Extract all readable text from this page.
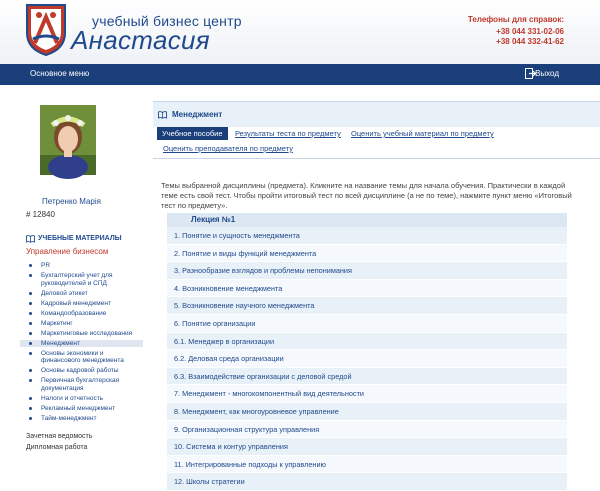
учебный бизнес центр
Анастасия
Телефоны для справок:
+38 044 331-02-06
+38 044 332-41-62
Основное меню	Выход
Петренко Марія
# 12840
УЧЕБНЫЕ МАТЕРИАЛЫ
Управление бизнесом
PR
Бухгалтерский учет для руководителей и СПД
Деловой этикет
Кадровый менеджмент
Командообразование
Маркетинг
Маркетинговые исследования
Менеджмент
Основы экономики и финансового менеджмента
Основы кадровой работы
Первичная бухгалтерская документация
Налоги и отчетность
Рекламный менеджмент
Тайм-менеджмент
Зачетная ведомость
Дипломная работа
Менеджмент
Учебное пособие	Результаты теста по предмету Оценить учебный материал по предмету
Оценить преподавателя по предмету
Темы выбранной дисциплины (предмета). Кликните на название темы для начала обучения. Практически в каждой теме есть свой тест. Чтобы пройти итоговый тест по всей дисциплине (а не по теме), нажмите пункт меню «Итоговый тест по предмету».
Лекция №1
1. Понятие и сущность менеджмента
2. Понятие и виды функций менеджмента
3. Разнообразие взглядов и проблемы непонимания
4. Возникновение менеджмента
5. Возникновение научного менеджмента
6. Понятие организации
6.1. Менеджер в организации
6.2. Деловая среда организации
6.3. Взаимодействие организации с деловой средой
7. Менеджмент - многокомпонентный вид деятельности
8. Менеджмент, как многоуровневое управление
9. Организационная структура управления
10. Система и контур управления
11. Интегрированные подходы к управлению
12. Школы стратегии
